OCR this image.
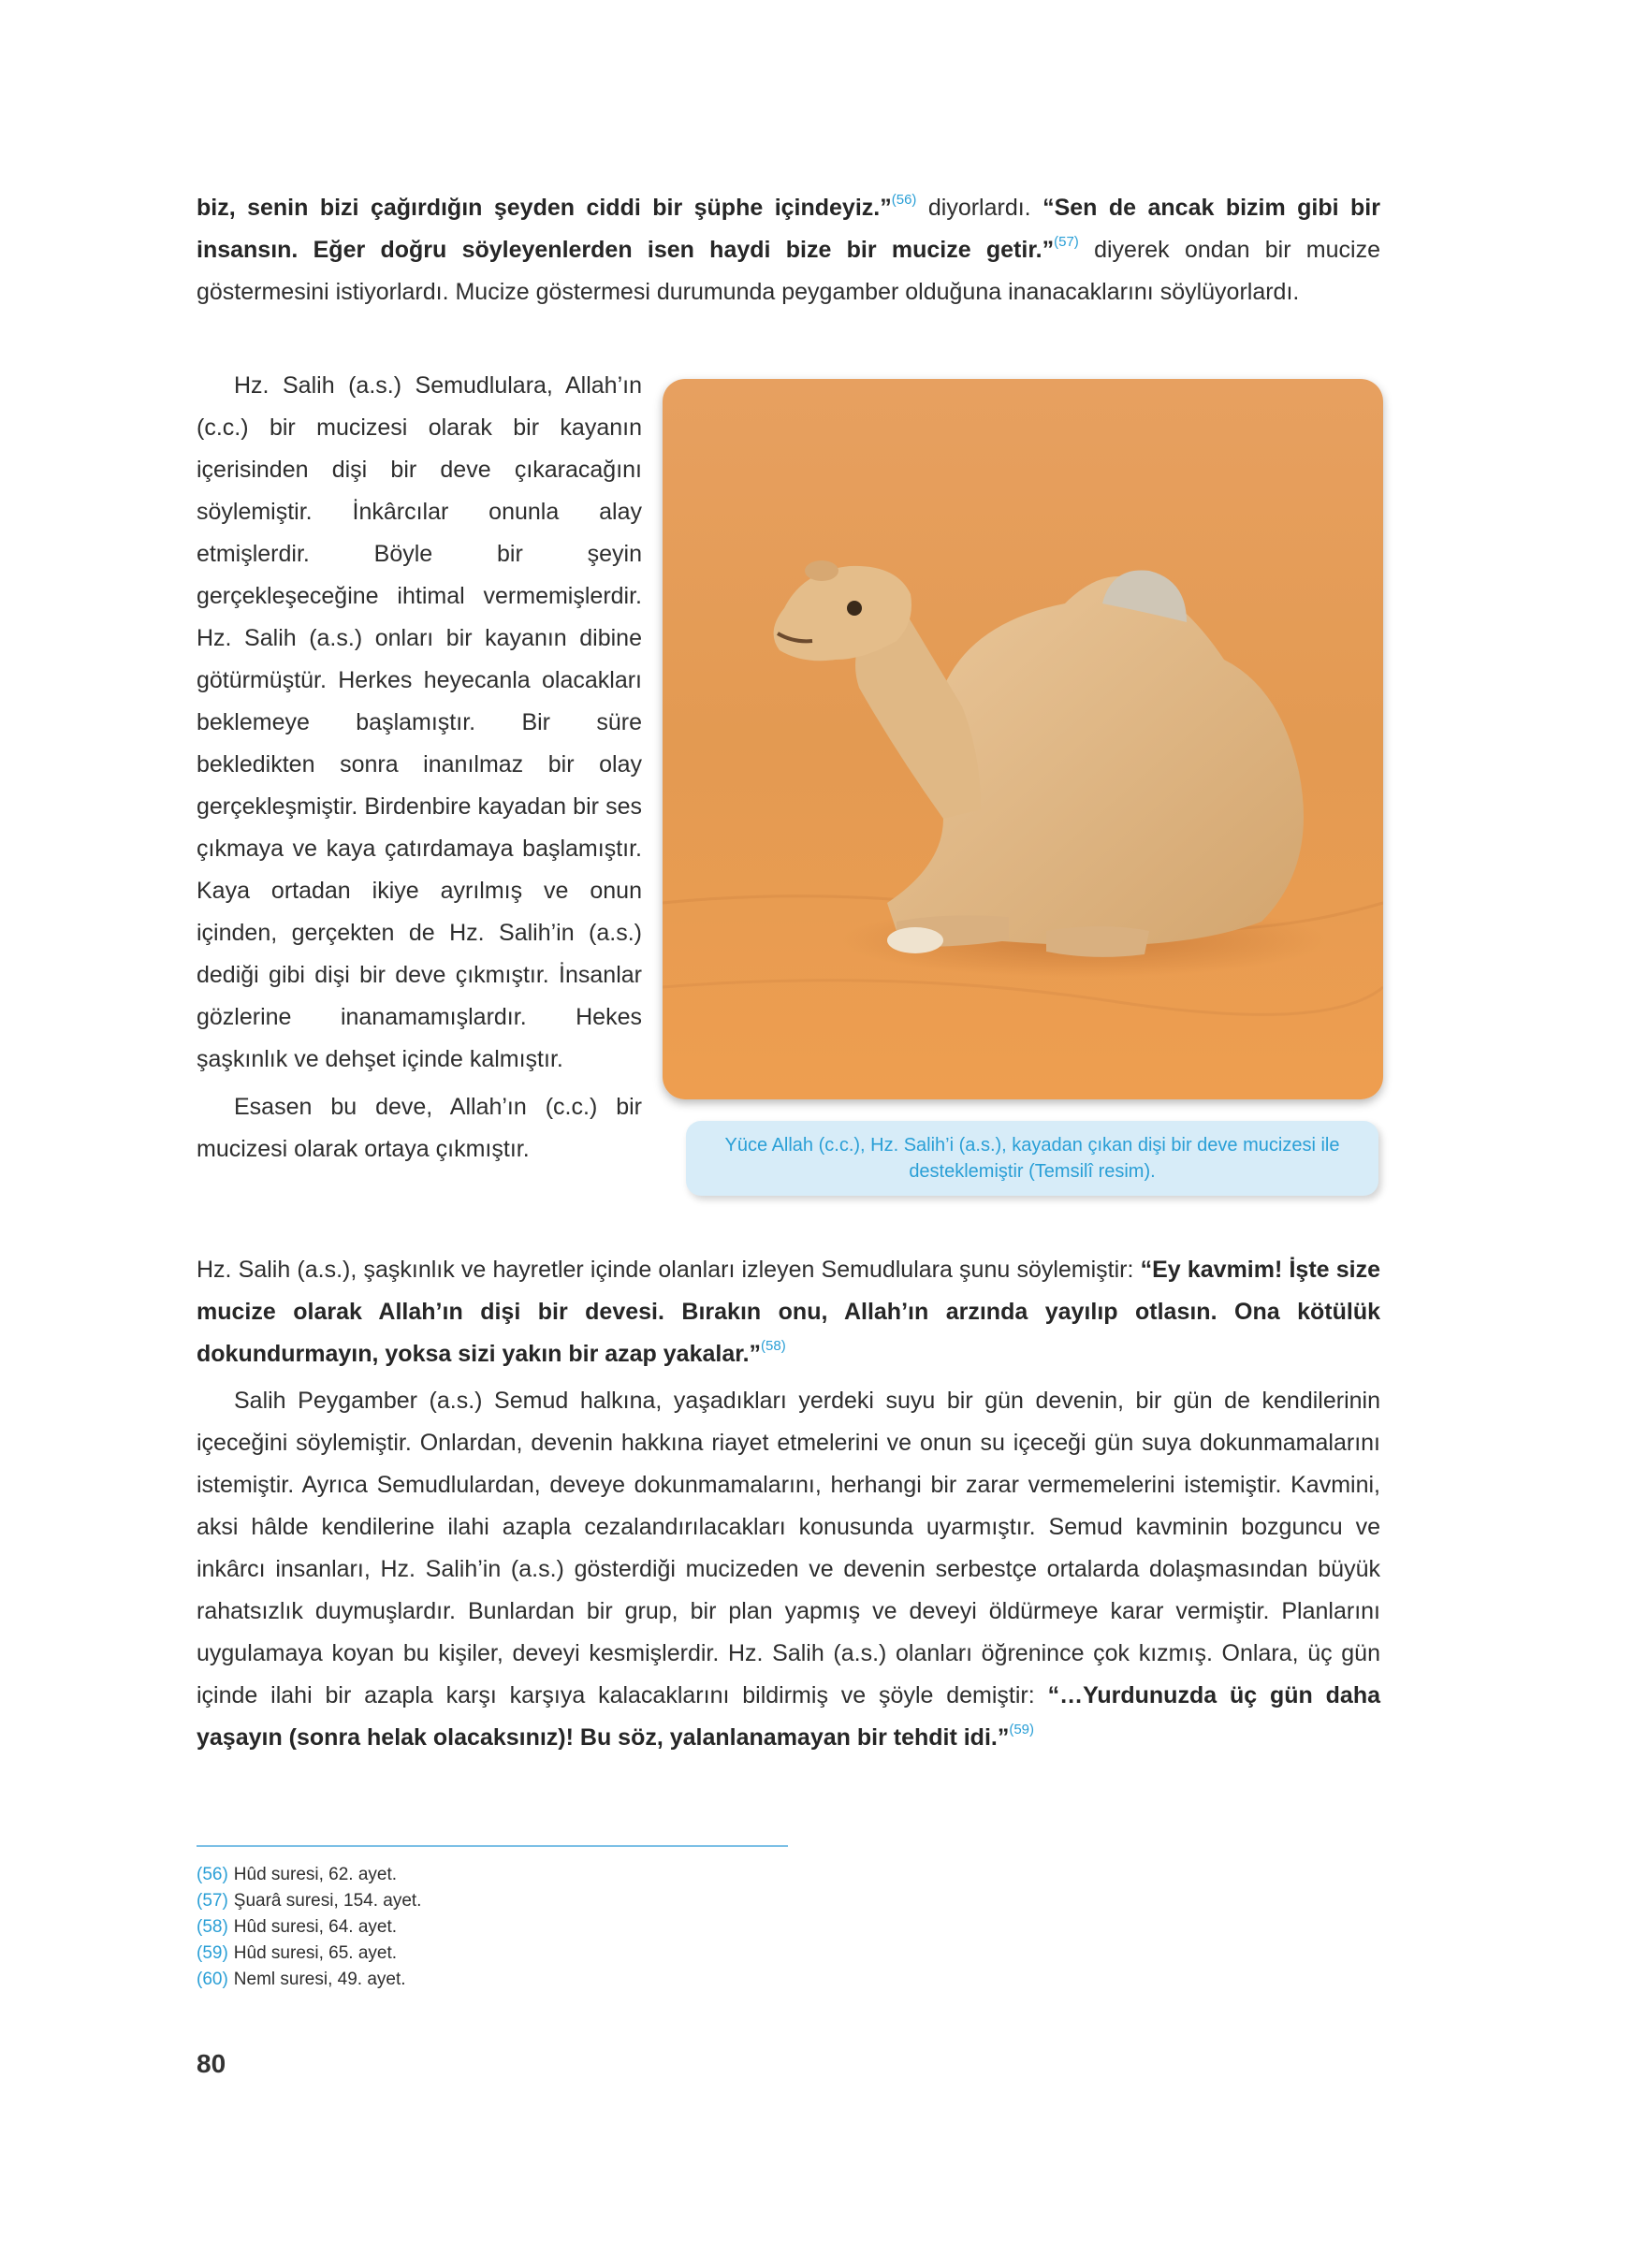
biz, senin bizi çağırdığın şeyden ciddi bir şüphe içindeyiz.”$^{(56)}$ diyorlardı. “Sen de ancak bizim gibi bir insansın. Eğer doğru söyleyenlerden isen haydi bize bir mucize getir.”$^{(57)}$ diyerek ondan bir mucize göstermesini istiyorlardı. Mucize göstermesi durumunda peygamber olduğuna inanacaklarını söylüyorlardı.

Hz. Salih (a.s.) Semudlulara, Allah’ın (c.c.) bir mucizesi olarak bir kayanın içerisinden dişi bir deve çıkaracağını söylemiştir. İnkârcılar onunla alay etmişlerdir. Böyle bir şeyin gerçekleşeceğine ihtimal vermemişlerdir. Hz. Salih (a.s.) onları bir kayanın dibine götürmüştür. Herkes heyecanla olacakları beklemeye başlamıştır. Bir süre bekledikten sonra inanılmaz bir olay gerçekleşmiştir. Birdenbire kayadan bir ses çıkmaya ve kaya çatırdamaya başlamıştır. Kaya ortadan ikiye ayrılmış ve onun içinden, gerçekten de Hz. Salih’in (a.s.) dediği gibi dişi bir deve çıkmıştır. İnsanlar gözlerine inanamamışlardır. Hekes şaşkınlık ve dehşet içinde kalmıştır.

Esasen bu deve, Allah’ın (c.c.) bir mucizesi olarak ortaya çıkmıştır.	Yüce Allah (c.c.), Hz. Salih’i (a.s.), kayadan çıkan dişi bir deve mucizesi ile desteklemiştir (Temsilî resim).

Hz. Salih (a.s.), şaşkınlık ve hayretler içinde olanları izleyen Semudlulara şunu söylemiştir: “Ey kavmim! İşte size mucize olarak Allah’ın dişi bir devesi. Bırakın onu, Allah’ın arzında yayılıp otlasın. Ona kötülük dokundurmayın, yoksa sizi yakın bir azap yakalar.”$^{(58)}$

Salih Peygamber (a.s.) Semud halkına, yaşadıkları yerdeki suyu bir gün devenin, bir gün de kendilerinin içeceğini söylemiştir. Onlardan, devenin hakkına riayet etmelerini ve onun su içeceği gün suya dokunmamalarını istemiştir. Ayrıca Semudlulardan, deveye dokunmamalarını, herhangi bir zarar vermemelerini istemiştir. Kavmini, aksi hâlde kendilerine ilahi azapla cezalandırılacakları konusunda uyarmıştır. Semud kavminin bozguncu ve inkârcı insanları, Hz. Salih’in (a.s.) gösterdiği mucizeden ve devenin serbestçe ortalarda dolaşmasından büyük rahatsızlık duymuşlardır. Bunlardan bir grup, bir plan yapmış ve deveyi öldürmeye karar vermiştir. Planlarını uygulamaya koyan bu kişiler, deveyi kesmişlerdir. Hz. Salih (a.s.) olanları öğrenince çok kızmış. Onlara, üç gün içinde ilahi bir azapla karşı karşıya kalacaklarını bildirmiş ve şöyle demiştir: “…Yurdunuzda üç gün daha yaşayın (sonra helak olacaksınız)! Bu söz, yalanlanamayan bir tehdit idi.”$^{(59)}$

(56) Hûd suresi, 62. ayet.
(57) Şuarâ suresi, 154. ayet.
(58) Hûd suresi, 64. ayet.
(59) Hûd suresi, 65. ayet.
(60) Neml suresi, 49. ayet.
80
